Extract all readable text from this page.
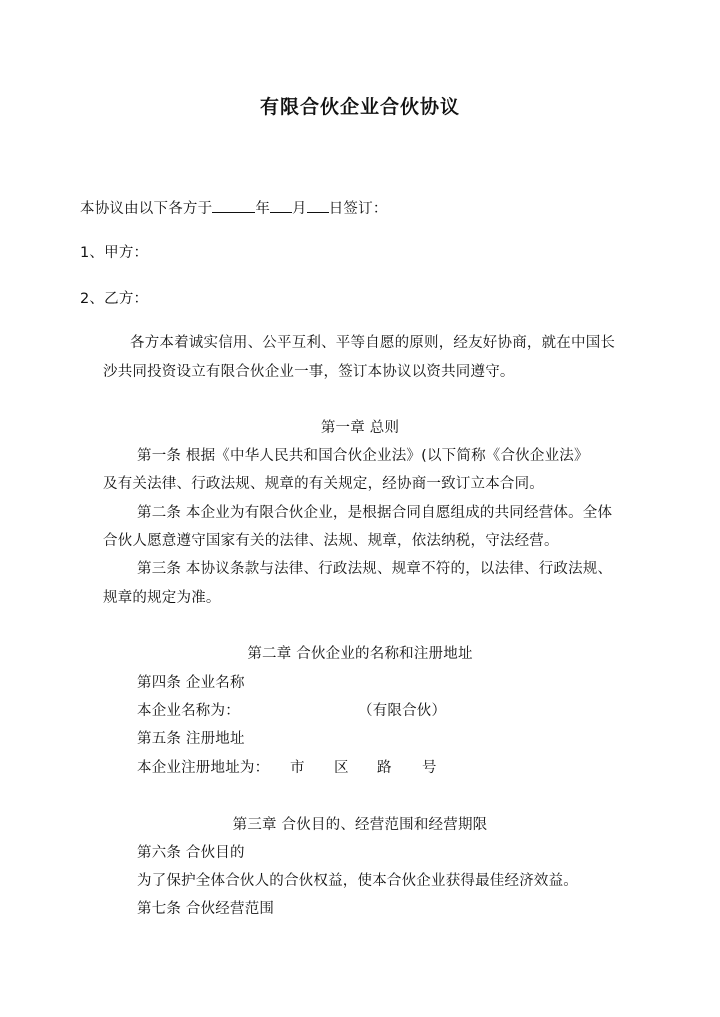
有限合伙企业合伙协议
本协议由以下各方于	年 月 日签订：
1、甲方：
2、乙方：
各方本着诚实信用、公平互利、平等自愿的原则，经友好协商，就在中国长
沙共同投资设立有限合伙企业一事，签订本协议以资共同遵守。
第一章 总则
第一条 根据《中华人民共和国合伙企业法》(以下简称《合伙企业法》
及有关法律、行政法规、规章的有关规定，经协商一致订立本合同。
第二条 本企业为有限合伙企业，是根据合同自愿组成的共同经营体。全体
合伙人愿意遵守国家有关的法律、法规、规章，依法纳税，守法经营。
第三条 本协议条款与法律、行政法规、规章不符的，以法律、行政法规、
规章的规定为准。
第二章 合伙企业的名称和注册地址
第四条 企业名称
本企业名称为：	（有限合伙）
第五条 注册地址
本企业注册地址为： 市 区 路 号
第三章 合伙目的、经营范围和经营期限
第六条 合伙目的
为了保护全体合伙人的合伙权益，使本合伙企业获得最佳经济效益。
第七条 合伙经营范围
